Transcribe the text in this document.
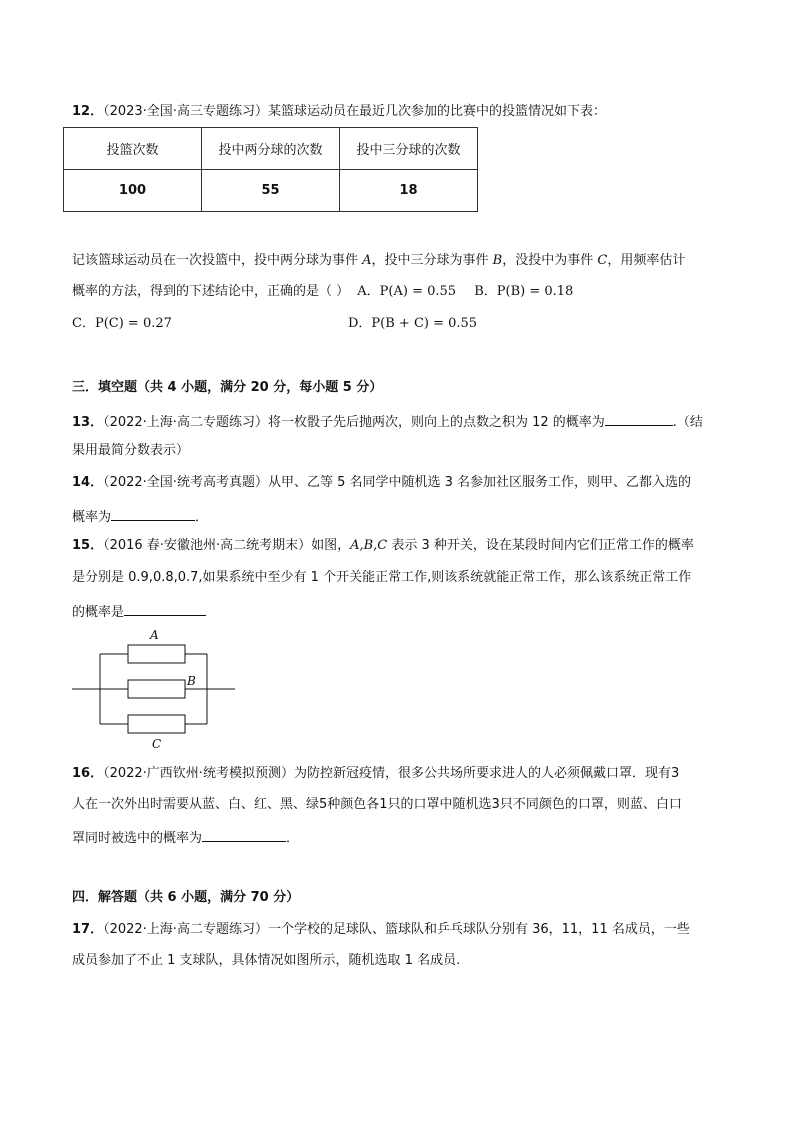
12．（2023·全国·高三专题练习）某篮球运动员在最近几次参加的比赛中的投篮情况如下表：
投篮次数	投中两分球的次数	投中三分球的次数
100	55	18
记该篮球运动员在一次投篮中，投中两分球为事件 A，投中三分球为事件 B，没投中为事件 C，用频率估计
概率的方法，得到的下述结论中，正确的是（ ） A．P(A) = 0.55 B．P(B) = 0.18
C．P(C) = 0.27	D．P(B + C) = 0.55
三．填空题（共 4 小题，满分 20 分，每小题 5 分）
13．（2022·上海·高二专题练习）将一枚骰子先后抛两次，则向上的点数之积为 12 的概率为	.（结
果用最简分数表示）
14．（2022·全国·统考高考真题）从甲、乙等 5 名同学中随机选 3 名参加社区服务工作，则甲、乙都入选的
概率为	．
15．（2016 春·安徽池州·高二统考期末）如图，A,B,C 表示 3 种开关，设在某段时间内它们正常工作的概率
是分别是 0.9,0.8,0.7,如果系统中至少有 1 个开关能正常工作,则该系统就能正常工作，那么该系统正常工作
的概率是
A
B
C
16．（2022·广西钦州·统考模拟预测）为防控新冠疫情，很多公共场所要求进人的人必须佩戴口罩．现有3
人在一次外出时需要从蓝、白、红、黑、绿5种颜色各1只的口罩中随机选3只不同颜色的口罩，则蓝、白口
罩同时被选中的概率为	．
四．解答题（共 6 小题，满分 70 分）
17．（2022·上海·高二专题练习）一个学校的足球队、篮球队和乒乓球队分别有 36，11，11 名成员，一些
成员参加了不止 1 支球队，具体情况如图所示，随机选取 1 名成员.
